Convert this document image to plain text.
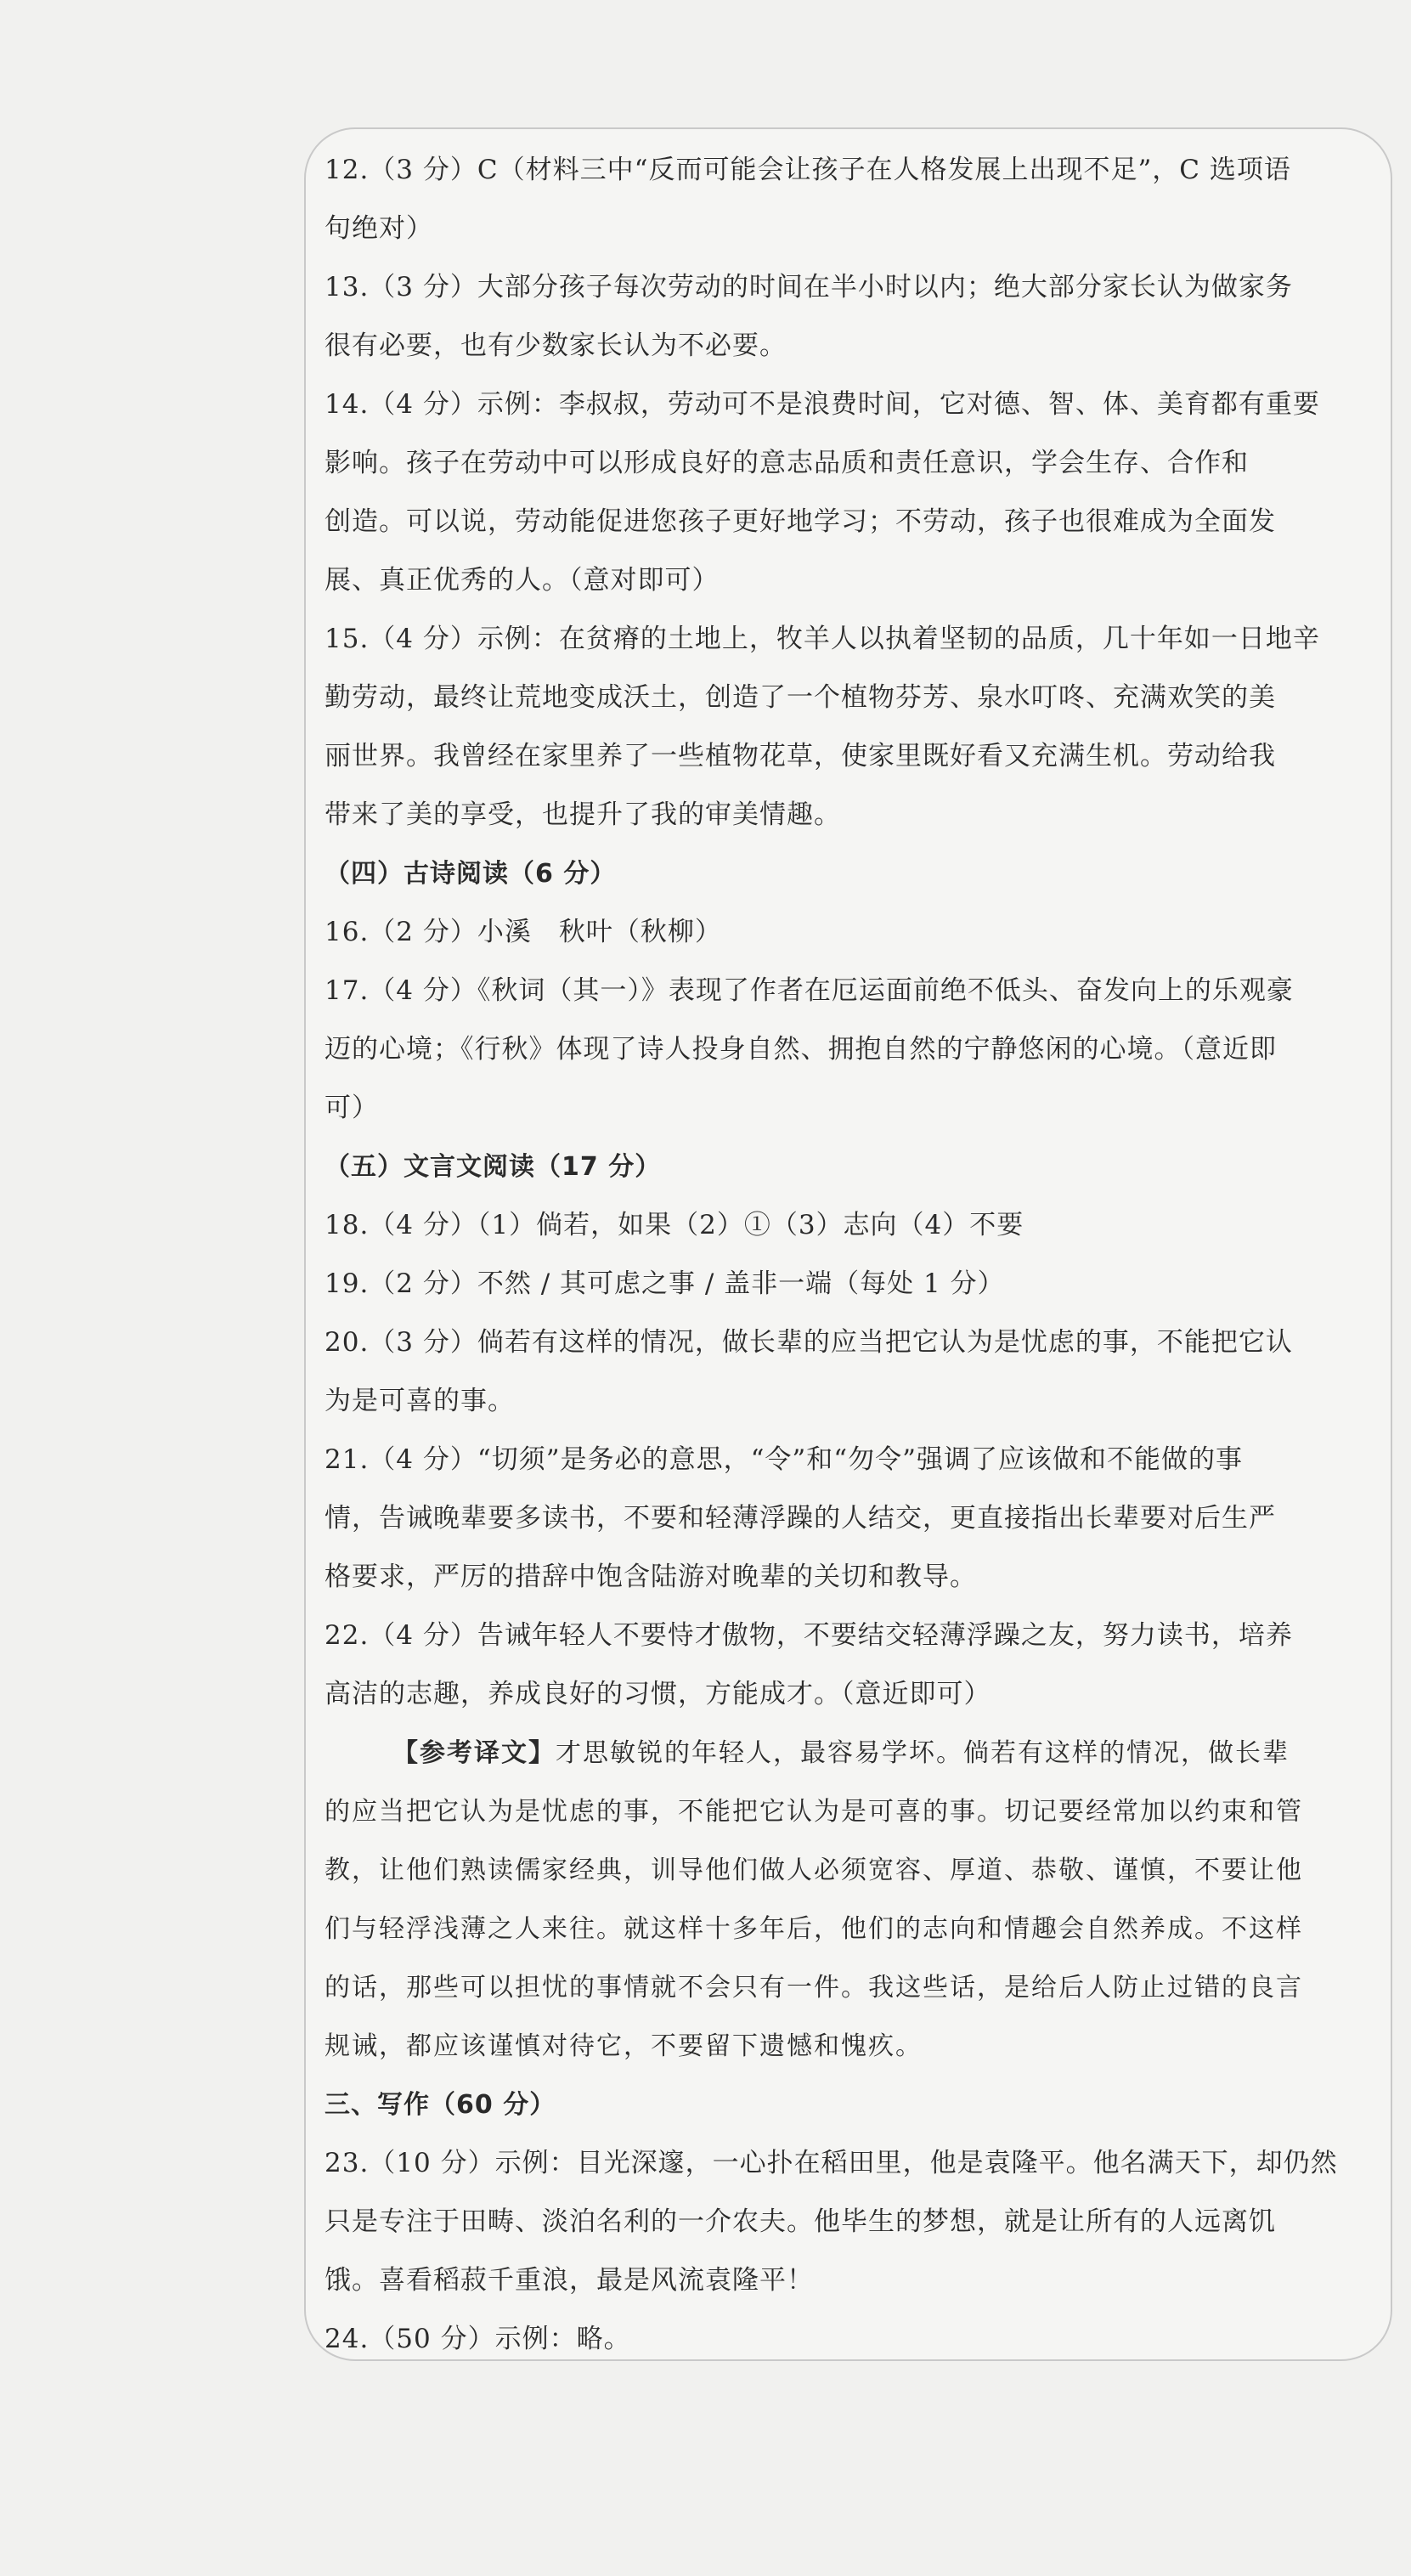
12.（3 分）C（材料三中“反而可能会让孩子在人格发展上出现不足”，C 选项语
句绝对）
13.（3 分）大部分孩子每次劳动的时间在半小时以内；绝大部分家长认为做家务
很有必要，也有少数家长认为不必要。
14.（4 分）示例：李叔叔，劳动可不是浪费时间，它对德、智、体、美育都有重要
影响。孩子在劳动中可以形成良好的意志品质和责任意识，学会生存、合作和
创造。可以说，劳动能促进您孩子更好地学习；不劳动，孩子也很难成为全面发
展、真正优秀的人。（意对即可）
15.（4 分）示例：在贫瘠的土地上，牧羊人以执着坚韧的品质，几十年如一日地辛
勤劳动，最终让荒地变成沃土，创造了一个植物芬芳、泉水叮咚、充满欢笑的美
丽世界。我曾经在家里养了一些植物花草，使家里既好看又充满生机。劳动给我
带来了美的享受，也提升了我的审美情趣。
（四）古诗阅读（6 分）
16.（2 分）小溪　秋叶（秋柳）
17.（4 分）《秋词（其一）》表现了作者在厄运面前绝不低头、奋发向上的乐观豪
迈的心境；《行秋》体现了诗人投身自然、拥抱自然的宁静悠闲的心境。（意近即
可）
（五）文言文阅读（17 分）
18.（4 分）（1）倘若，如果（2）①（3）志向（4）不要
19.（2 分）不然 / 其可虑之事 / 盖非一端（每处 1 分）
20.（3 分）倘若有这样的情况，做长辈的应当把它认为是忧虑的事，不能把它认
为是可喜的事。
21.（4 分）“切须”是务必的意思，“令”和“勿令”强调了应该做和不能做的事
情，告诫晚辈要多读书，不要和轻薄浮躁的人结交，更直接指出长辈要对后生严
格要求，严厉的措辞中饱含陆游对晚辈的关切和教导。
22.（4 分）告诫年轻人不要恃才傲物，不要结交轻薄浮躁之友，努力读书，培养
高洁的志趣，养成良好的习惯，方能成才。（意近即可）
【参考译文】才思敏锐的年轻人，最容易学坏。倘若有这样的情况，做长辈
的应当把它认为是忧虑的事，不能把它认为是可喜的事。切记要经常加以约束和管
教，让他们熟读儒家经典，训导他们做人必须宽容、厚道、恭敬、谨慎，不要让他
们与轻浮浅薄之人来往。就这样十多年后，他们的志向和情趣会自然养成。不这样
的话，那些可以担忧的事情就不会只有一件。我这些话，是给后人防止过错的良言
规诫，都应该谨慎对待它，不要留下遗憾和愧疚。
三、写作（60 分）
23.（10 分）示例：目光深邃，一心扑在稻田里，他是袁隆平。他名满天下，却仍然
只是专注于田畴、淡泊名利的一介农夫。他毕生的梦想，就是让所有的人远离饥
饿。喜看稻菽千重浪，最是风流袁隆平！
24.（50 分）示例：略。
